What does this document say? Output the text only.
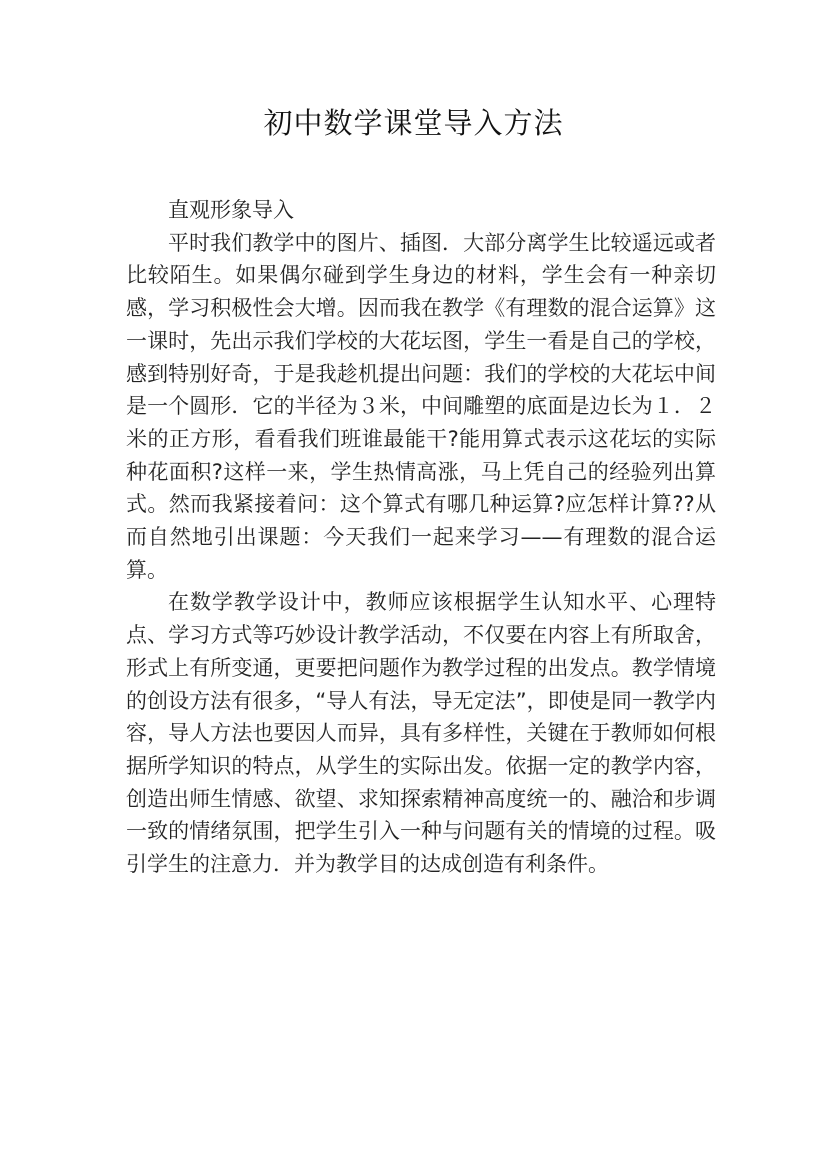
初中数学课堂导入方法

直观形象导入

平时我们教学中的图片、插图．大部分离学生比较遥远或者比较陌生。如果偶尔碰到学生身边的材料，学生会有一种亲切感，学习积极性会大增。因而我在教学《有理数的混合运算》这一课时，先出示我们学校的大花坛图，学生一看是自己的学校，感到特别好奇，于是我趁机提出问题：我们的学校的大花坛中间是一个圆形．它的半径为３米，中间雕塑的底面是边长为１．２米的正方形，看看我们班谁最能干?能用算式表示这花坛的实际种花面积?这样一来，学生热情高涨，马上凭自己的经验列出算式。然而我紧接着问：这个算式有哪几种运算?应怎样计算??从而自然地引出课题：今天我们一起来学习——有理数的混合运算。

在数学教学设计中，教师应该根据学生认知水平、心理特点、学习方式等巧妙设计教学活动，不仅要在内容上有所取舍，形式上有所变通，更要把问题作为教学过程的出发点。教学情境的创设方法有很多，“导人有法，导无定法”，即使是同一教学内容，导人方法也要因人而异，具有多样性，关键在于教师如何根据所学知识的特点，从学生的实际出发。依据一定的教学内容，创造出师生情感、欲望、求知探索精神高度统一的、融洽和步调一致的情绪氛围，把学生引入一种与问题有关的情境的过程。吸引学生的注意力．并为教学目的达成创造有利条件。
